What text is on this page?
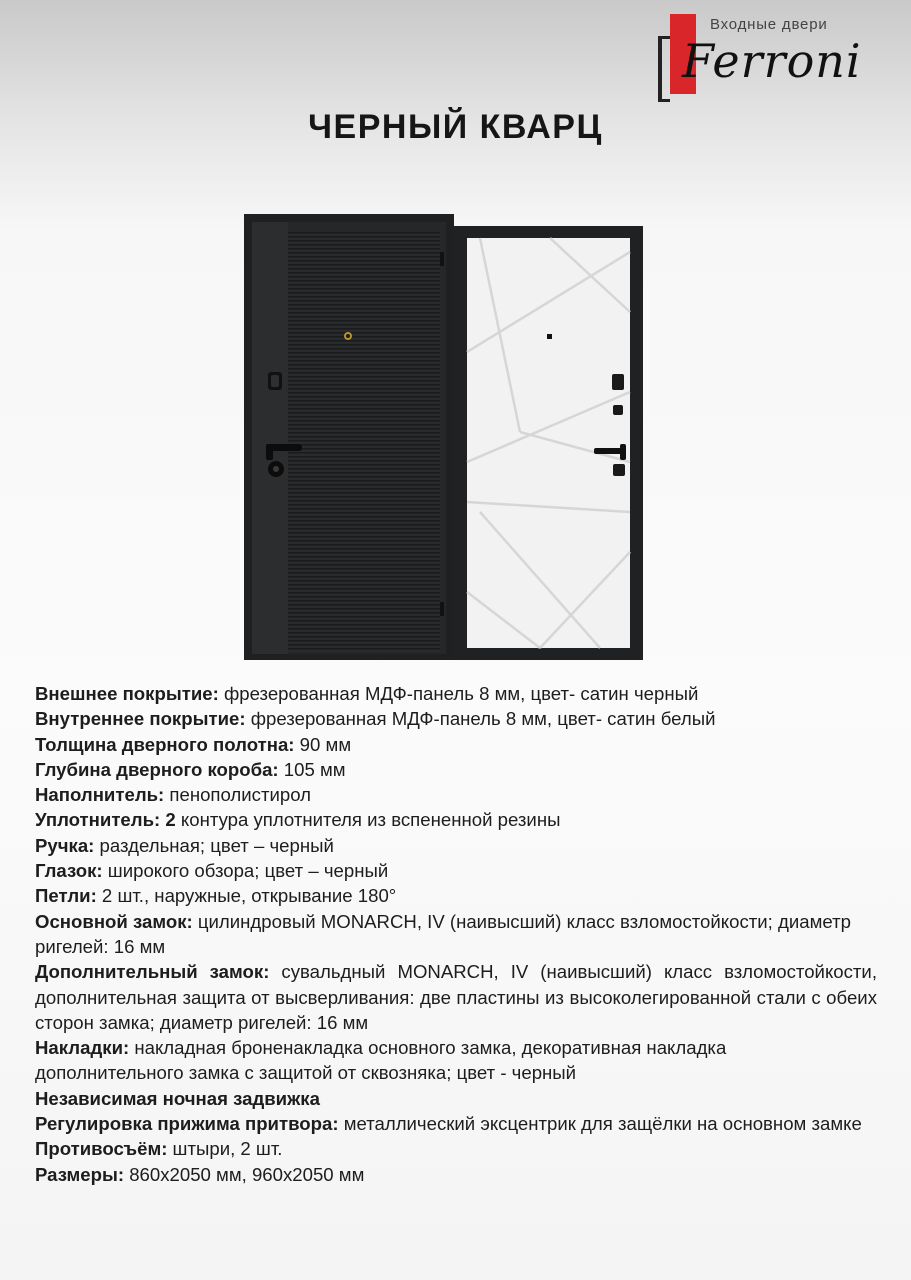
Входные двери
Ferroni
ЧЕРНЫЙ КВАРЦ

Внешнее покрытие: фрезерованная МДФ-панель 8 мм, цвет- сатин черный

Внутреннее покрытие: фрезерованная МДФ-панель 8 мм, цвет- сатин белый

Толщина дверного полотна: 90 мм

Глубина дверного короба: 105 мм

Наполнитель: пенополистирол

Уплотнитель: 2 контура уплотнителя из вспененной резины

Ручка: раздельная; цвет – черный

Глазок: широкого обзора; цвет – черный

Петли: 2 шт., наружные, открывание 180°

Основной замок: цилиндровый MONARCH, IV (наивысший) класс взломостойкости; диаметр ригелей: 16 мм

Дополнительный замок: сувальдный MONARCH, IV (наивысший) класс взломостойкости, дополнительная защита от высверливания: две пластины из высоколегированной стали с обеих сторон замка; диаметр ригелей: 16 мм

Накладки: накладная броненакладка основного замка, декоративная накладка дополнительного замка с защитой от сквозняка; цвет - черный

Независимая ночная задвижка

Регулировка прижима притвора: металлический эксцентрик для защёлки на основном замке

Противосъём: штыри, 2 шт.

Размеры: 860х2050 мм, 960х2050 мм
